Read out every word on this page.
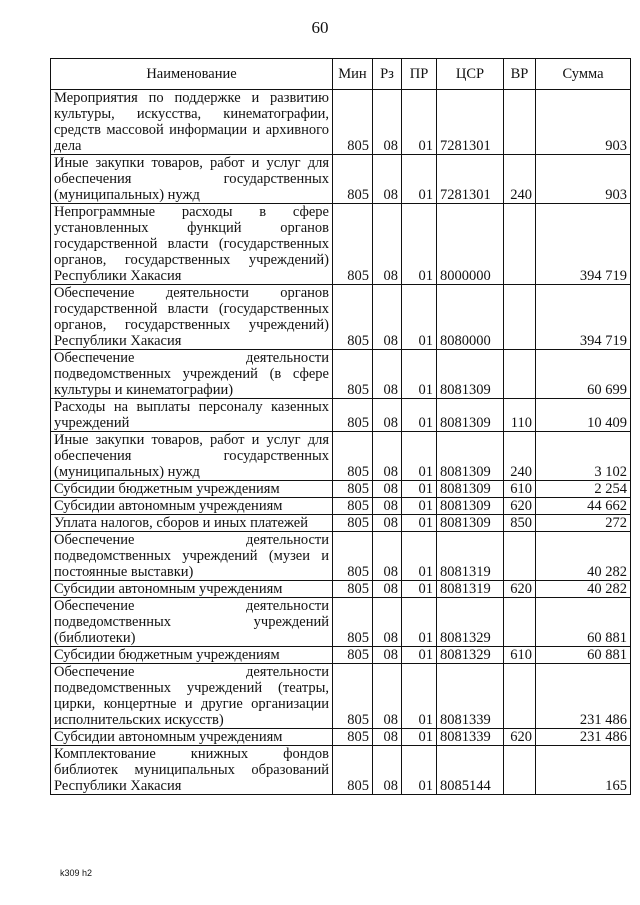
60
Наименование	Мин	Рз	ПР	ЦСР	ВР	Сумма
Мероприятия по поддержке и развитию культуры, искусства, кинематографии, средств массовой информации и архивного дела	805	08	01	7281301		903
Иные закупки товаров, работ и услуг для обеспечения государственных (муниципальных) нужд	805	08	01	7281301	240	903
Непрограммные расходы в сфере установленных функций органов государственной власти (государственных органов, государственных учреждений) Республики Хакасия	805	08	01	8000000		394 719
Обеспечение деятельности органов государственной власти (государственных органов, государственных учреждений) Республики Хакасия	805	08	01	8080000		394 719
Обеспечение деятельности подведомственных учреждений (в сфере культуры и кинематографии)	805	08	01	8081309		60 699
Расходы на выплаты персоналу казенных учреждений	805	08	01	8081309	110	10 409
Иные закупки товаров, работ и услуг для обеспечения государственных (муниципальных) нужд	805	08	01	8081309	240	3 102
Субсидии бюджетным учреждениям	805	08	01	8081309	610	2 254
Субсидии автономным учреждениям	805	08	01	8081309	620	44 662
Уплата налогов, сборов и иных платежей	805	08	01	8081309	850	272
Обеспечение деятельности подведомственных учреждений (музеи и постоянные выставки)	805	08	01	8081319		40 282
Субсидии автономным учреждениям	805	08	01	8081319	620	40 282
Обеспечение деятельности подведомственных учреждений (библиотеки)	805	08	01	8081329		60 881
Субсидии бюджетным учреждениям	805	08	01	8081329	610	60 881
Обеспечение деятельности подведомственных учреждений (театры, цирки, концертные и другие организации исполнительских искусств)	805	08	01	8081339		231 486
Субсидии автономным учреждениям	805	08	01	8081339	620	231 486
Комплектование книжных фондов библиотек муниципальных образований Республики Хакасия	805	08	01	8085144		165
k309 h2
